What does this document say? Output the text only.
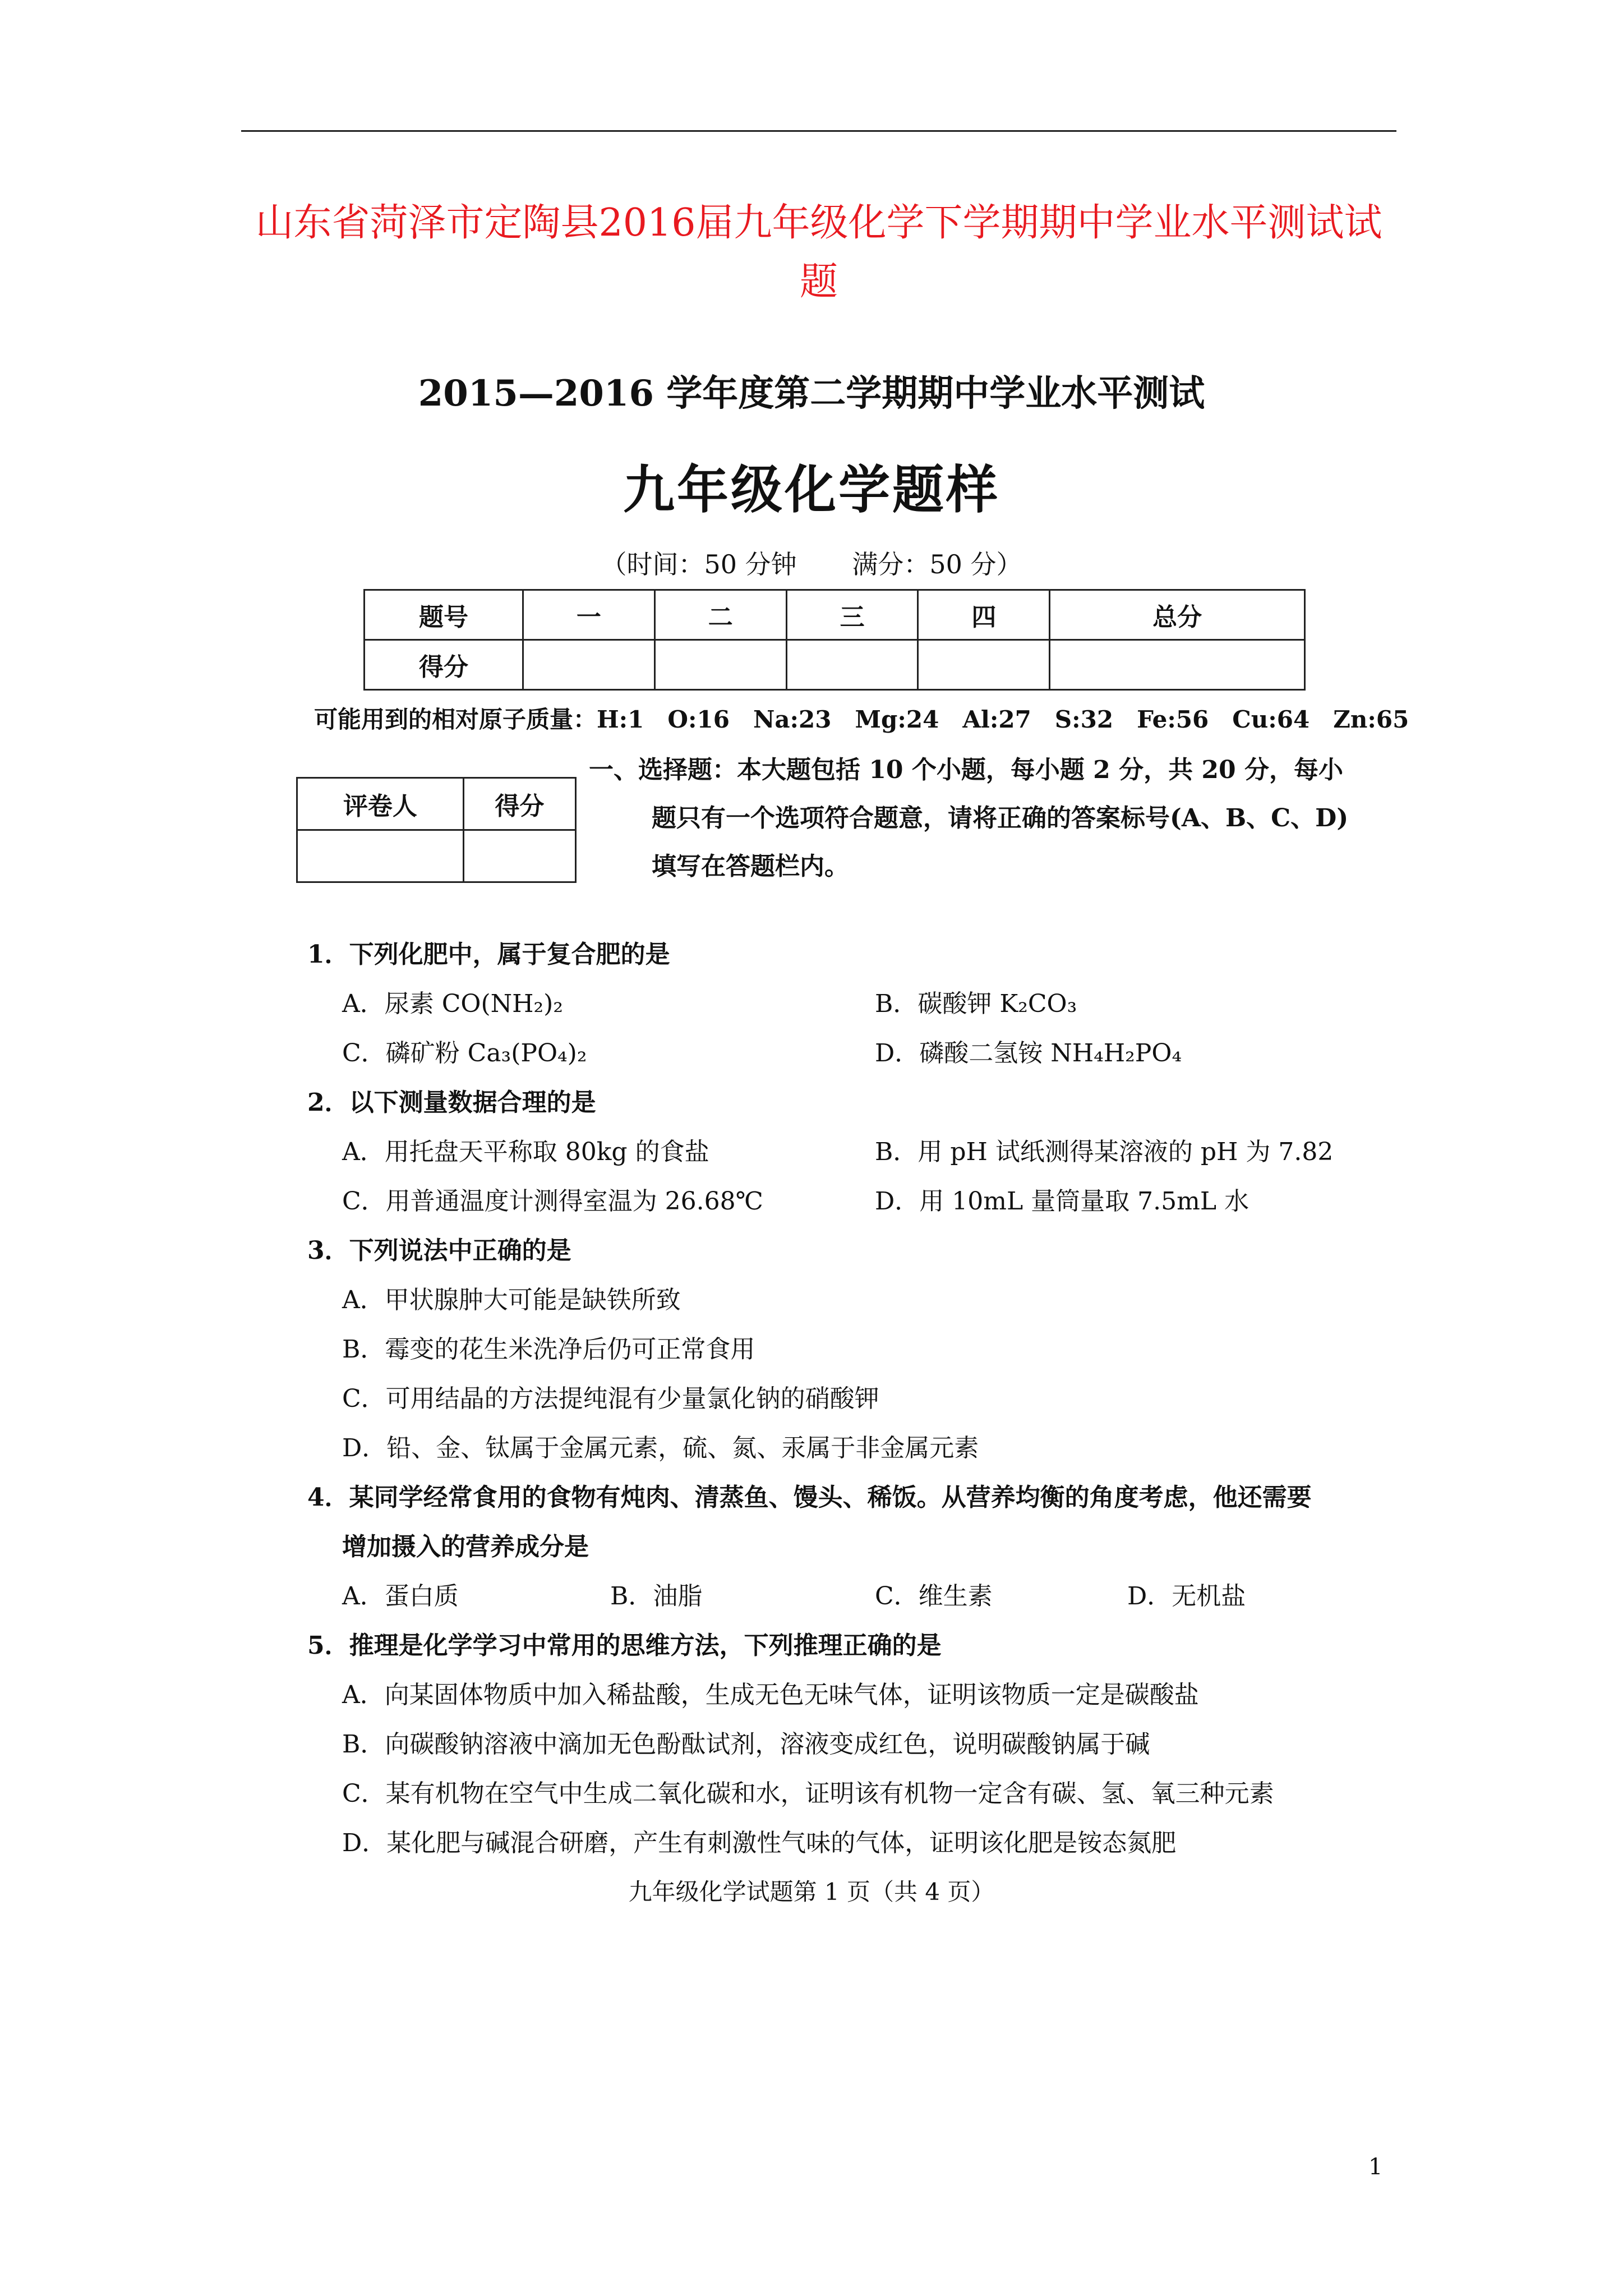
山东省菏泽市定陶县2016届九年级化学下学期期中学业水平测试试
题
2015—2016 学年度第二学期期中学业水平测试
九年级化学题样
（时间：50 分钟 满分：50 分）
题号	一	二	三	四	总分
得分					
可能用到的相对原子质量：H:1　O:16　Na:23　Mg:24　Al:27　S:32　Fe:56　Cu:64　Zn:65
评卷人	得分

一、选择题：本大题包括 10 个小题，每小题 2 分，共 20 分，每小
题只有一个选项符合题意，请将正确的答案标号(A、B、C、D)
填写在答题栏内。
1．下列化肥中，属于复合肥的是
A．尿素 CO(NH₂)₂	B．碳酸钾 K₂CO₃
C．磷矿粉 Ca₃(PO₄)₂	D．磷酸二氢铵 NH₄H₂PO₄
2．以下测量数据合理的是
A．用托盘天平称取 80kg 的食盐	B．用 pH 试纸测得某溶液的 pH 为 7.82
C．用普通温度计测得室温为 26.68℃	D．用 10mL 量筒量取 7.5mL 水
3．下列说法中正确的是
A．甲状腺肿大可能是缺铁所致
B．霉变的花生米洗净后仍可正常食用
C．可用结晶的方法提纯混有少量氯化钠的硝酸钾
D．铅、金、钛属于金属元素，硫、氮、汞属于非金属元素
4．某同学经常食用的食物有炖肉、清蒸鱼、馒头、稀饭。从营养均衡的角度考虑，他还需要
增加摄入的营养成分是
A．蛋白质	B．油脂	C．维生素	D．无机盐
5．推理是化学学习中常用的思维方法，下列推理正确的是
A．向某固体物质中加入稀盐酸，生成无色无味气体，证明该物质一定是碳酸盐
B．向碳酸钠溶液中滴加无色酚酞试剂，溶液变成红色，说明碳酸钠属于碱
C．某有机物在空气中生成二氧化碳和水，证明该有机物一定含有碳、氢、氧三种元素
D．某化肥与碱混合研磨，产生有刺激性气味的气体，证明该化肥是铵态氮肥
九年级化学试题第 1 页（共 4 页）
1
